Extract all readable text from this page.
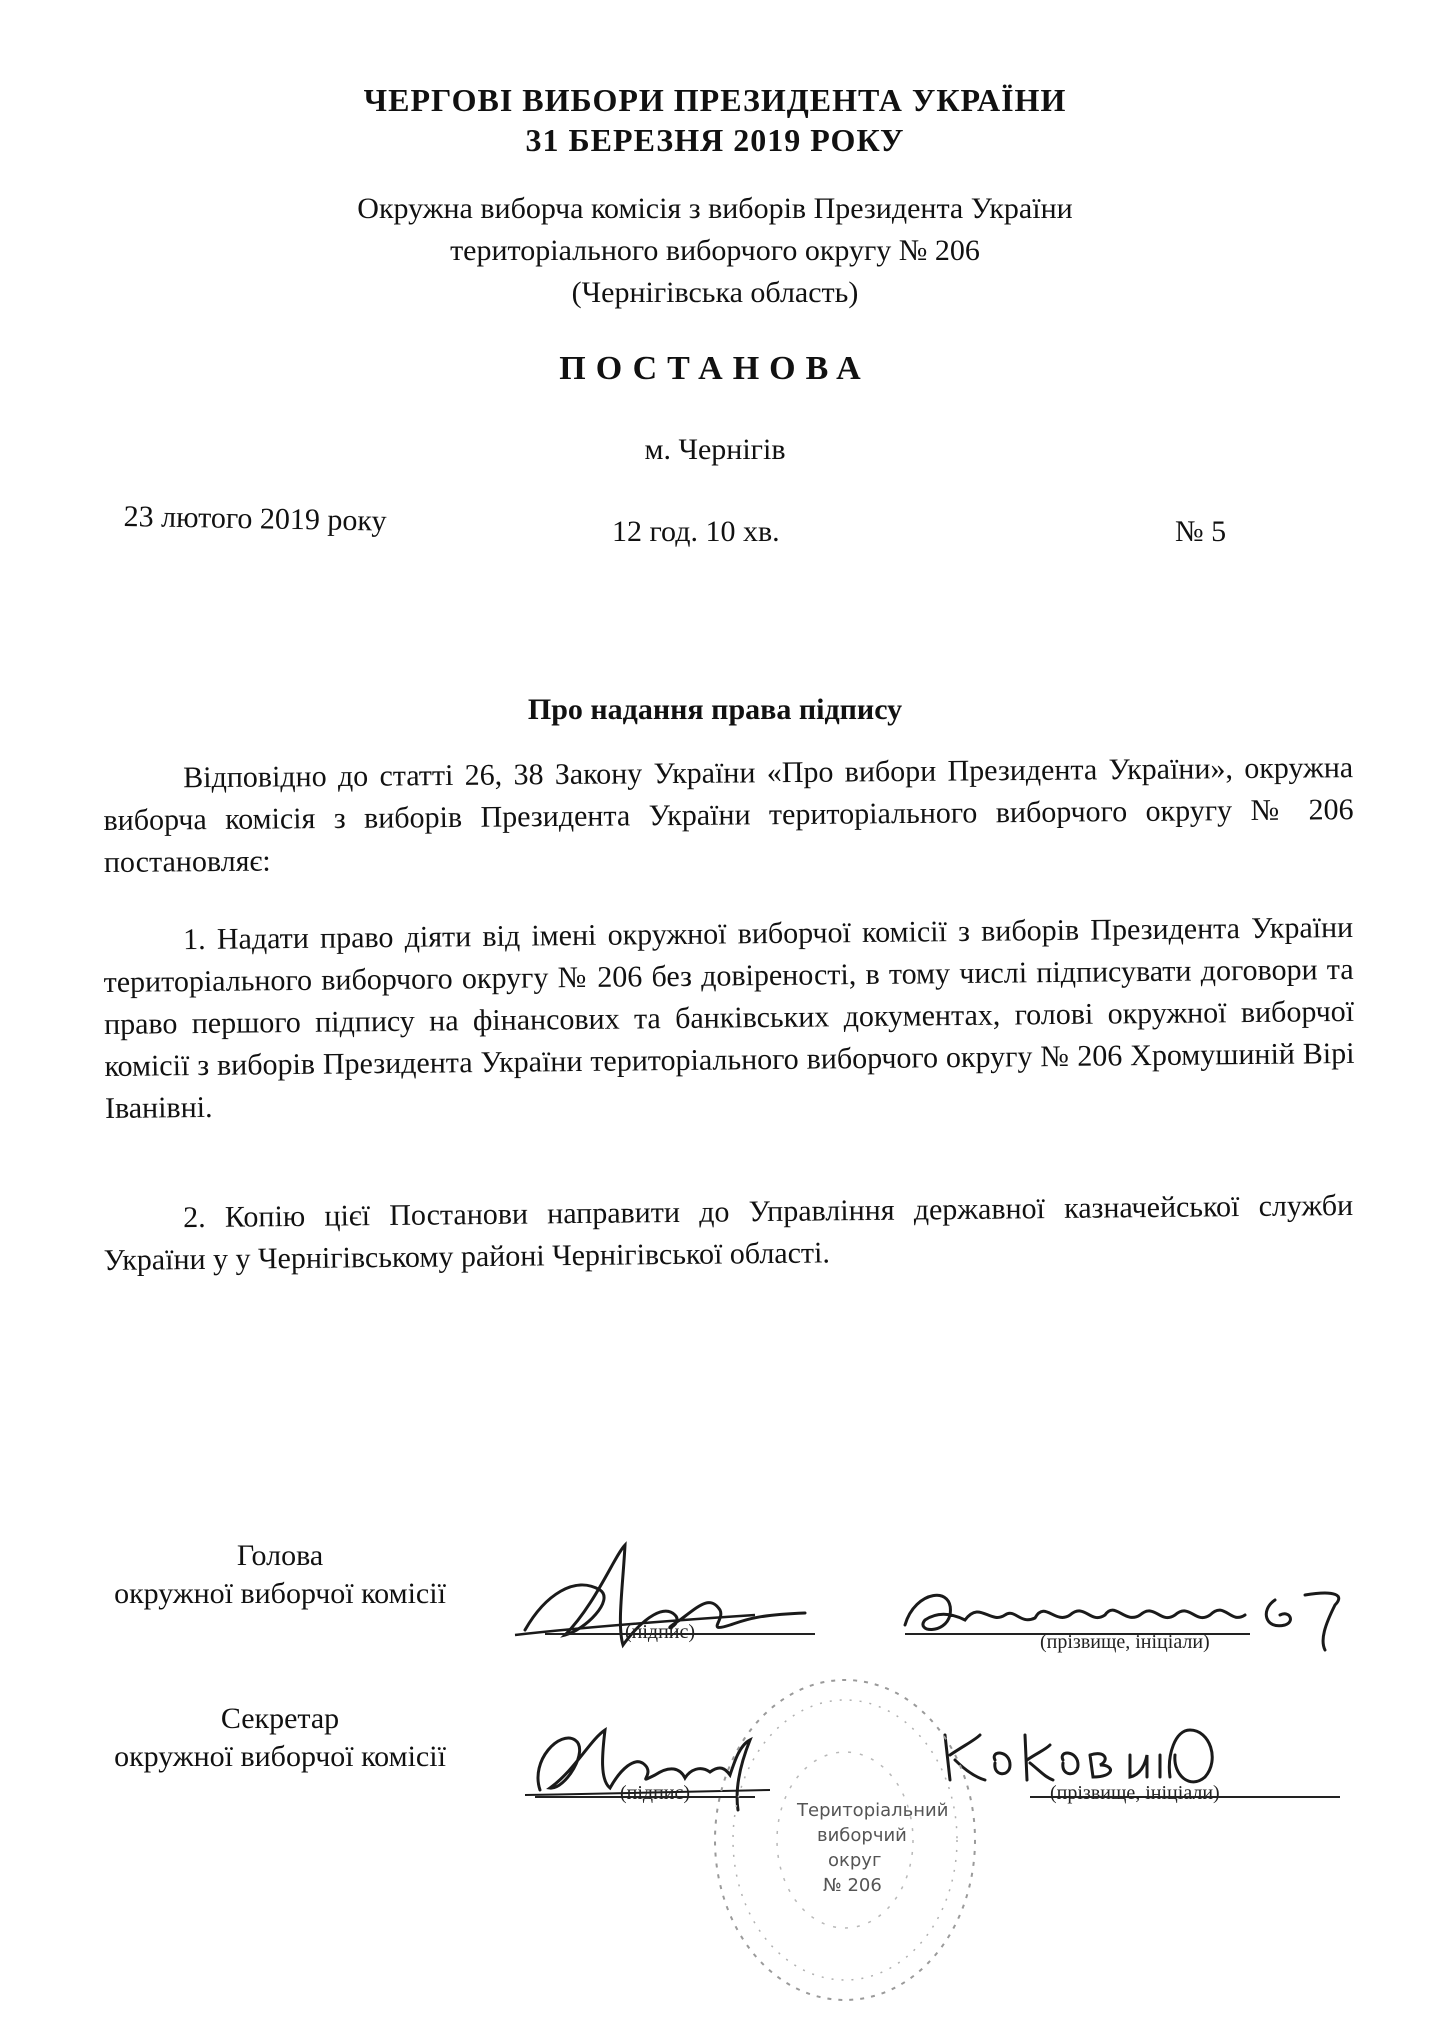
ЧЕРГОВІ ВИБОРИ ПРЕЗИДЕНТА УКРАЇНИ
31 БЕРЕЗНЯ 2019 РОКУ
Окружна виборча комісія з виборів Президента України
територіального виборчого округу № 206
(Чернігівська область)
ПОСТАНОВА
м. Чернігів
23 лютого 2019 року	12 год. 10 хв.	№ 5
Про надання права підпису
Відповідно до статті 26, 38 Закону України «Про вибори Президента України», окружна виборча комісія з виборів Президента України територіального виборчого округу № 206 постановляє:
1. Надати право діяти від імені окружної виборчої комісії з виборів Президента України територіального виборчого округу № 206 без довіреності, в тому числі підписувати договори та право першого підпису на фінансових та банківських документах, голові окружної виборчої комісії з виборів Президента України територіального виборчого округу № 206 Хромушиній Вірі Іванівні.
2. Копію цієї Постанови направити до Управління державної казначейської служби України у у Чернігівському районі Чернігівської області.
Голова
окружної виборчої комісії
(підпис)	(прізвище, ініціали)
Секретар
окружної виборчої комісії
(підпис)	(прізвище, ініціали)
Територіальний
виборчий
округ
№ 206
